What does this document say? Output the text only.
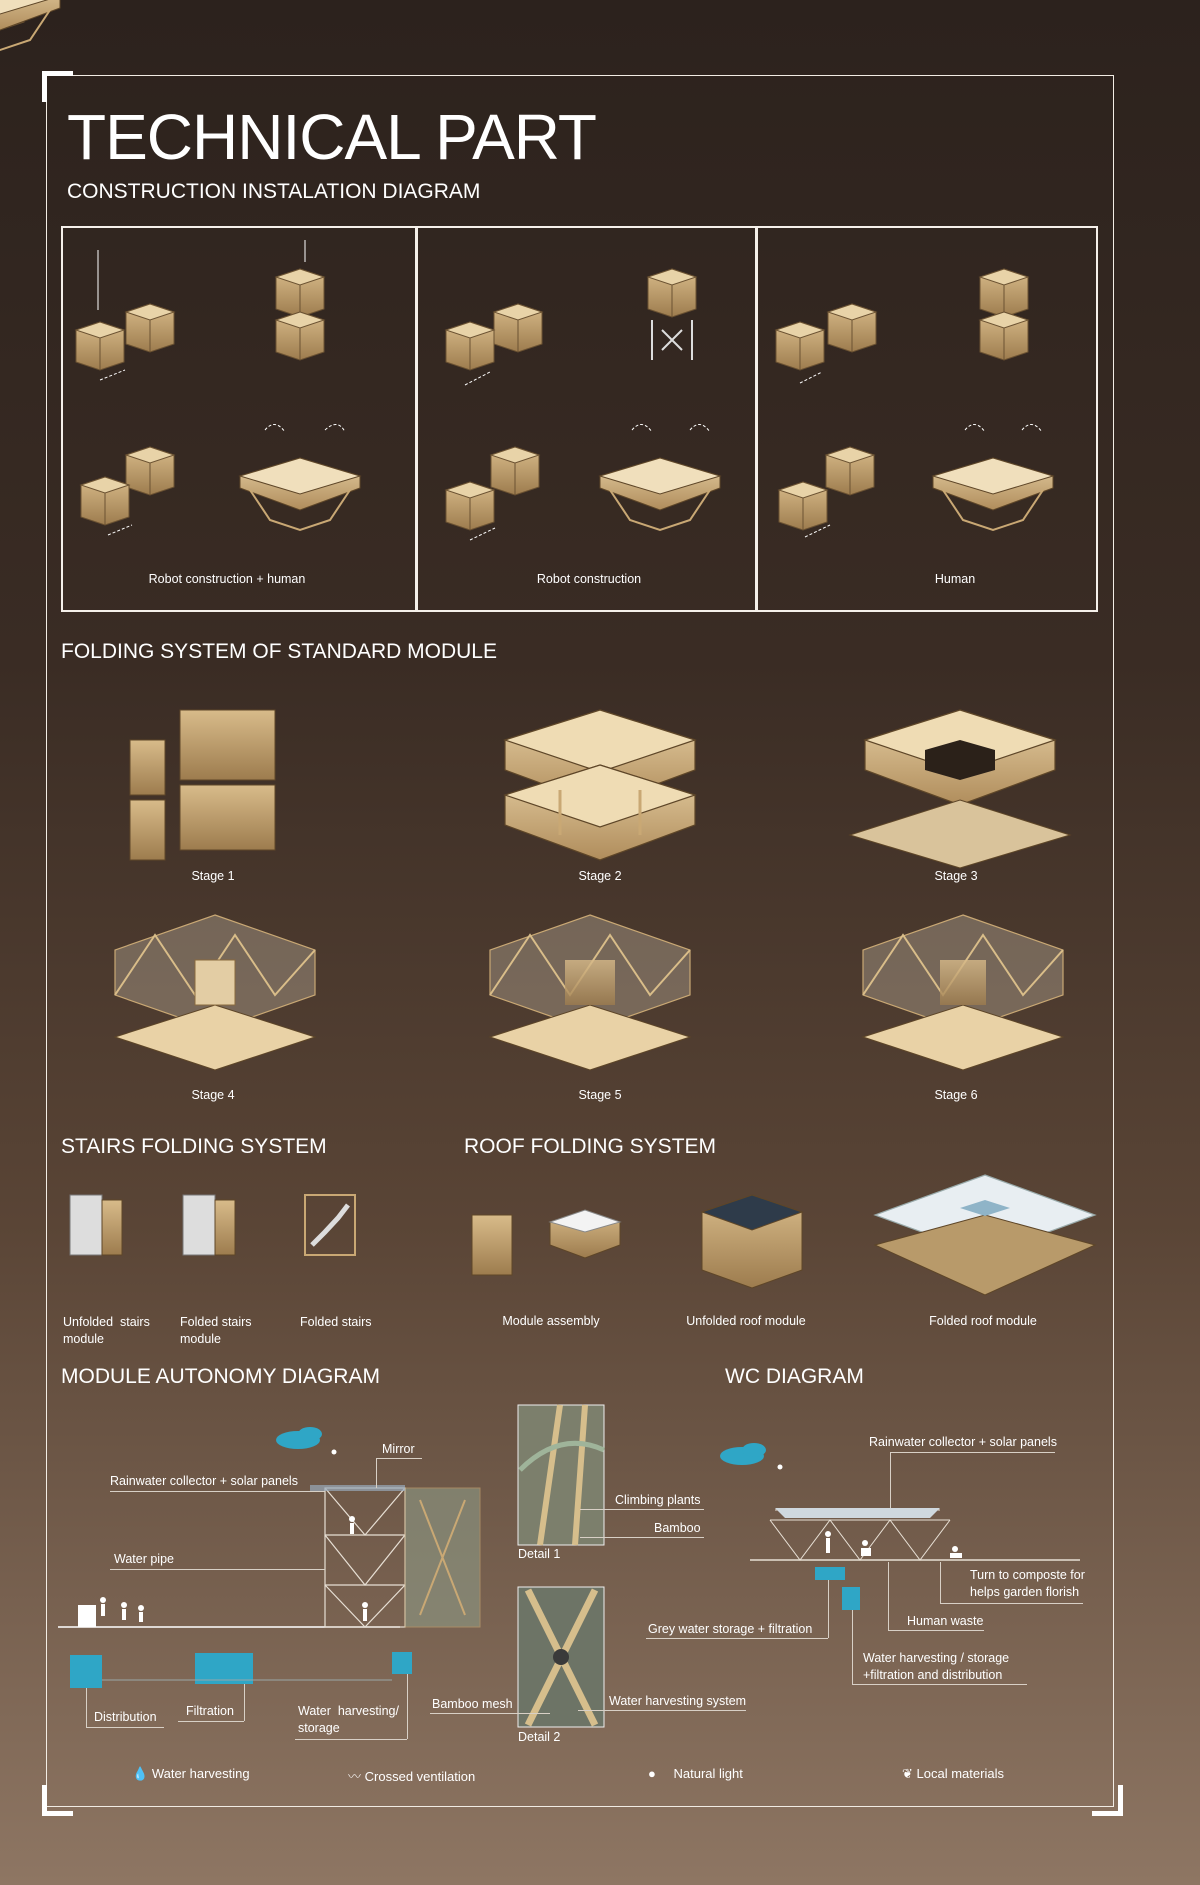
TECHNICAL PART
CONSTRUCTION INSTALATION DIAGRAM
Robot construction + human	Robot construction	Human
FOLDING SYSTEM OF STANDARD MODULE
Stage 1	Stage 2	Stage 3
Stage 4	Stage 5	Stage 6
STAIRS FOLDING SYSTEM	ROOF FOLDING SYSTEM
Unfolded  stairs
module
Folded stairs
module
Folded stairs	Module assembly	Unfolded roof module	Folded roof module
MODULE AUTONOMY DIAGRAM	WC DIAGRAM
Mirror
Rainwater collector + solar panels
Water pipe
Distribution Filtration	Water  harvesting/
storage
Detail 1
Detail 2
Climbing plants
Bamboo
Bamboo mesh	Water harvesting system
Rainwater collector + solar panels
Turn to composte for
helps garden florish
Grey water storage + filtration
Human waste
Water harvesting / storage
+filtration and distribution
💧 Water harvesting	〰 Crossed ventilation	● Natural light	❦ Local materials
